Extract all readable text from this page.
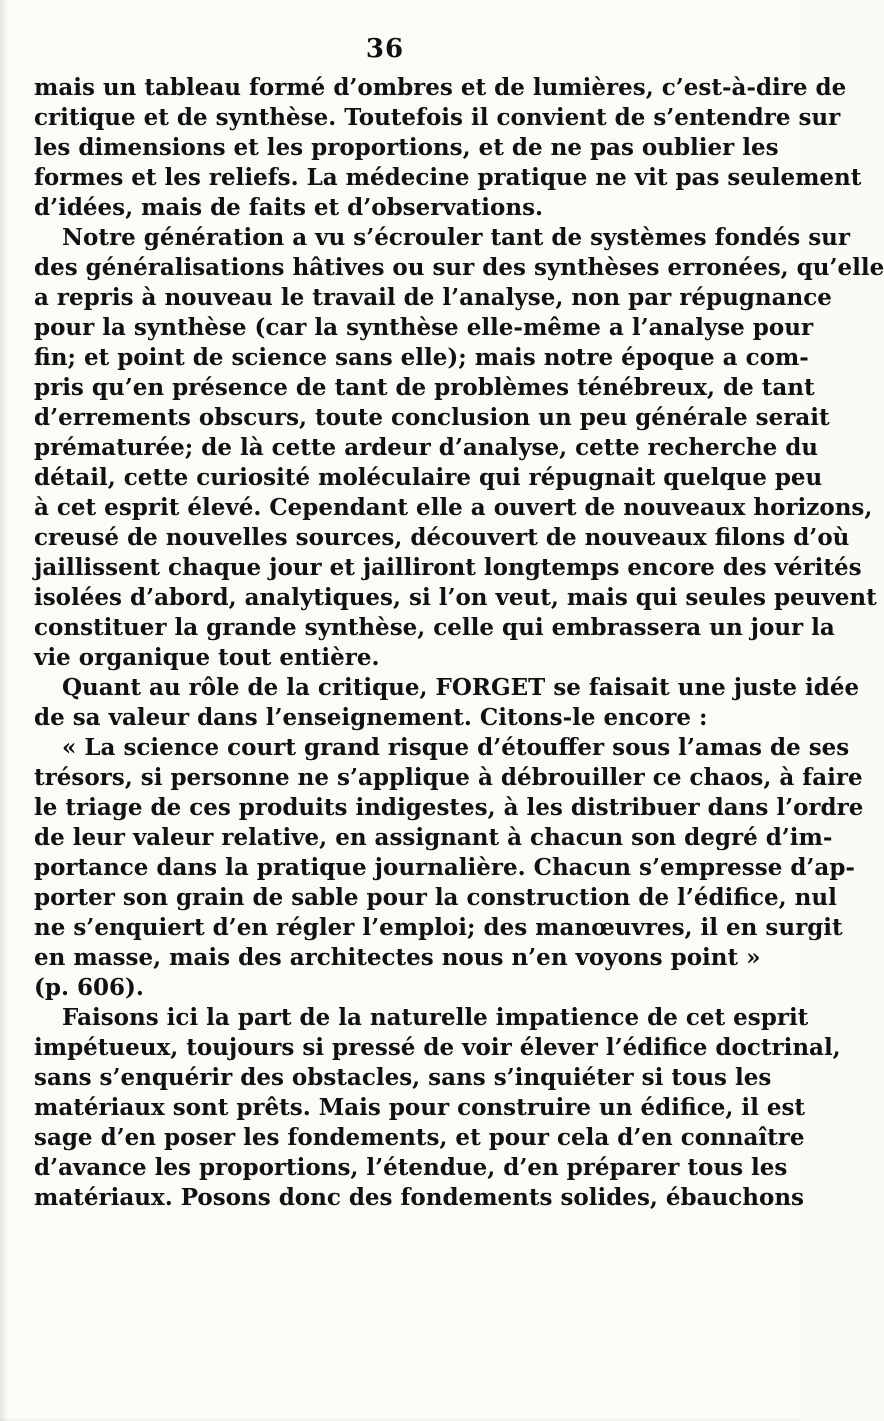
36
mais un tableau formé d’ombres et de lumières, c’est-à-dire de
critique et de synthèse. Toutefois il convient de s’entendre sur
les dimensions et les proportions, et de ne pas oublier les
formes et les reliefs. La médecine pratique ne vit pas seulement
d’idées, mais de faits et d’observations.
Notre génération a vu s’écrouler tant de systèmes fondés sur
des généralisations hâtives ou sur des synthèses erronées, qu’elle
a repris à nouveau le travail de l’analyse, non par répugnance
pour la synthèse (car la synthèse elle-même a l’analyse pour
fin; et point de science sans elle); mais notre époque a com-
pris qu’en présence de tant de problèmes ténébreux, de tant
d’errements obscurs, toute conclusion un peu générale serait
prématurée; de là cette ardeur d’analyse, cette recherche du
détail, cette curiosité moléculaire qui répugnait quelque peu
à cet esprit élevé. Cependant elle a ouvert de nouveaux horizons,
creusé de nouvelles sources, découvert de nouveaux filons d’où
jaillissent chaque jour et jailliront longtemps encore des vérités
isolées d’abord, analytiques, si l’on veut, mais qui seules peuvent
constituer la grande synthèse, celle qui embrassera un jour la
vie organique tout entière.
Quant au rôle de la critique, FORGET se faisait une juste idée
de sa valeur dans l’enseignement. Citons-le encore :
« La science court grand risque d’étouffer sous l’amas de ses
trésors, si personne ne s’applique à débrouiller ce chaos, à faire
le triage de ces produits indigestes, à les distribuer dans l’ordre
de leur valeur relative, en assignant à chacun son degré d’im-
portance dans la pratique journalière. Chacun s’empresse d’ap-
porter son grain de sable pour la construction de l’édifice, nul
ne s’enquiert d’en régler l’emploi; des manœuvres, il en surgit
en masse, mais des architectes nous n’en voyons point »
(p. 606).
Faisons ici la part de la naturelle impatience de cet esprit
impétueux, toujours si pressé de voir élever l’édifice doctrinal,
sans s’enquérir des obstacles, sans s’inquiéter si tous les
matériaux sont prêts. Mais pour construire un édifice, il est
sage d’en poser les fondements, et pour cela d’en connaître
d’avance les proportions, l’étendue, d’en préparer tous les
matériaux. Posons donc des fondements solides, ébauchons
